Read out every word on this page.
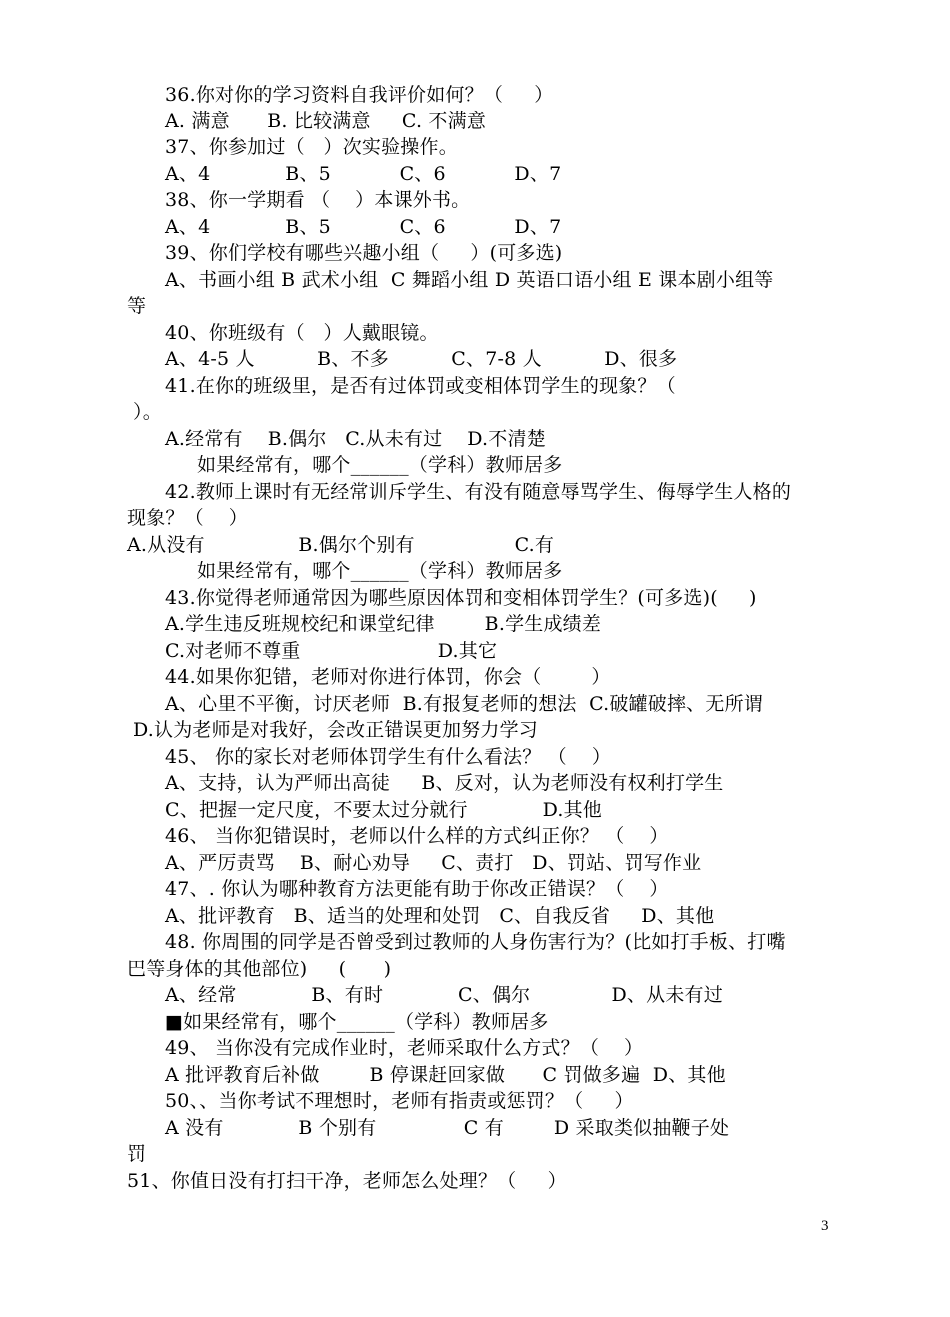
36.你对你的学习资料自我评价如何？（     ）
A. 满意      B. 比较满意     C. 不满意
37、你参加过（   ）次实验操作。
A、4            B、5           C、6           D、7
38、你一学期看 （    ）本课外书。
A、4            B、5           C、6           D、7
39、你们学校有哪些兴趣小组（     ）(可多选)
A、书画小组 B 武术小组  C 舞蹈小组 D 英语口语小组 E 课本剧小组等
等
40、你班级有（   ）人戴眼镜。
A、4-5 人          B、不多          C、7-8 人          D、很多
41.在你的班级里，是否有过体罚或变相体罚学生的现象？（
）。
A.经常有    B.偶尔   C.从未有过    D.不清楚
如果经常有，哪个______（学科）教师居多
42.教师上课时有无经常训斥学生、有没有随意辱骂学生、侮辱学生人格的
现象？（    ）
A.从没有               B.偶尔个别有                C.有
如果经常有，哪个______（学科）教师居多
43.你觉得老师通常因为哪些原因体罚和变相体罚学生？(可多选)(     )
A.学生违反班规校纪和课堂纪律        B.学生成绩差
C.对老师不尊重                      D.其它
44.如果你犯错，老师对你进行体罚，你会（        ）
A、心里不平衡，讨厌老师  B.有报复老师的想法  C.破罐破摔、无所谓
D.认为老师是对我好，会改正错误更加努力学习
45、 你的家长对老师体罚学生有什么看法？ （    ）
A、支持，认为严师出高徒     B、反对，认为老师没有权利打学生
C、把握一定尺度，不要太过分就行            D.其他
46、 当你犯错误时，老师以什么样的方式纠正你？ （    ）
A、严厉责骂    B、耐心劝导     C、责打   D、罚站、罚写作业
47、. 你认为哪种教育方法更能有助于你改正错误？（    ）
A、批评教育   B、适当的处理和处罚   C、自我反省     D、其他
48. 你周围的同学是否曾受到过教师的人身伤害行为？(比如打手板、打嘴
巴等身体的其他部位)     (      )
A、经常            B、有时            C、偶尔             D、从未有过
■如果经常有，哪个______（学科）教师居多
49、 当你没有完成作业时，老师采取什么方式？（    ）
A 批评教育后补做        B 停课赶回家做      C 罚做多遍  D、其他
50、、当你考试不理想时，老师有指责或惩罚？（     ）
A 没有            B 个别有              C 有        D 采取类似抽鞭子处
罚
51、你值日没有打扫干净，老师怎么处理？（     ）
3
